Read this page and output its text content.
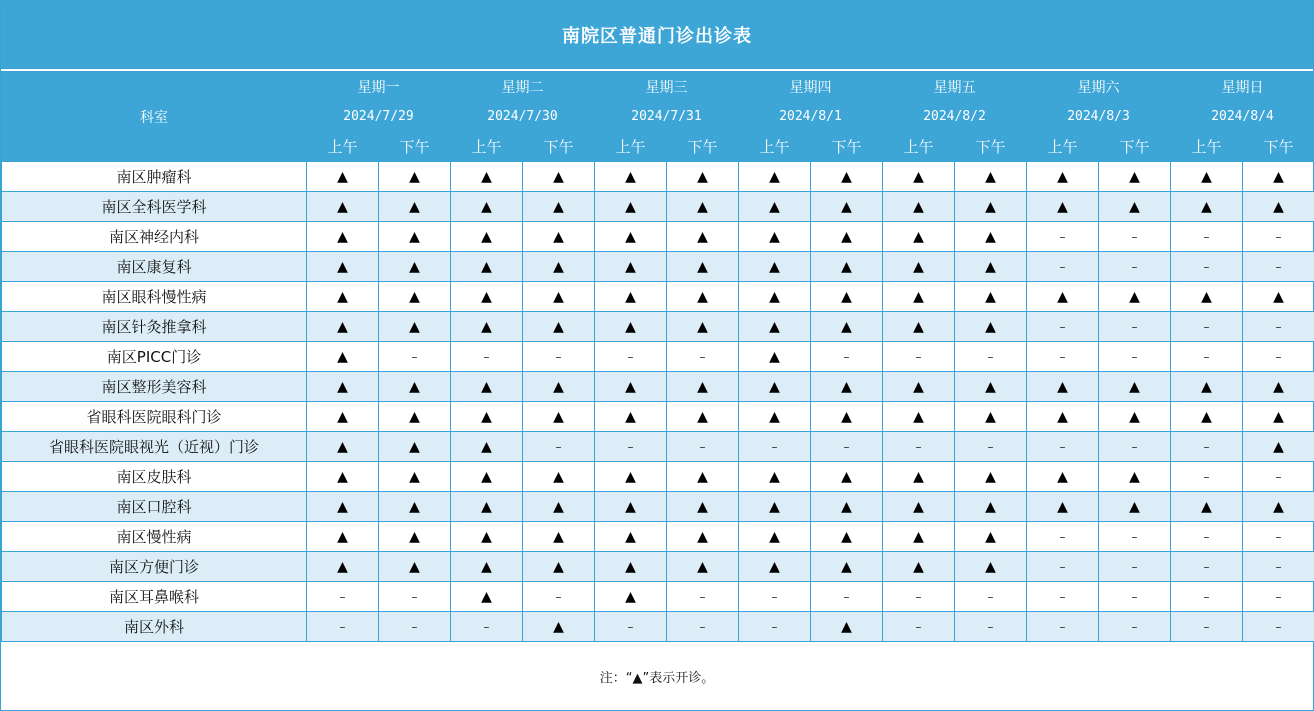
南院区普通门诊出诊表
科室	星期一		星期二		星期三		星期四		星期五		星期六		星期日	
	2024/7/29		2024/7/30		2024/7/31		2024/8/1		2024/8/2		2024/8/3		2024/8/4	
	上午	下午	上午	下午	上午	下午	上午	下午	上午	下午	上午	下午	上午	下午
南区肿瘤科	▲	▲	▲	▲	▲	▲	▲	▲	▲	▲	▲	▲	▲	▲
南区全科医学科	▲	▲	▲	▲	▲	▲	▲	▲	▲	▲	▲	▲	▲	▲
南区神经内科	▲	▲	▲	▲	▲	▲	▲	▲	▲	▲	–	–	–	–
南区康复科	▲	▲	▲	▲	▲	▲	▲	▲	▲	▲	–	–	–	–
南区眼科慢性病	▲	▲	▲	▲	▲	▲	▲	▲	▲	▲	▲	▲	▲	▲
南区针灸推拿科	▲	▲	▲	▲	▲	▲	▲	▲	▲	▲	–	–	–	–
南区PICC门诊	▲	–	–	–	–	–	▲	–	–	–	–	–	–	–
南区整形美容科	▲	▲	▲	▲	▲	▲	▲	▲	▲	▲	▲	▲	▲	▲
省眼科医院眼科门诊	▲	▲	▲	▲	▲	▲	▲	▲	▲	▲	▲	▲	▲	▲
省眼科医院眼视光（近视）门诊	▲	▲	▲	–	–	–	–	–	–	–	–	–	–	▲
南区皮肤科	▲	▲	▲	▲	▲	▲	▲	▲	▲	▲	▲	▲	–	–
南区口腔科	▲	▲	▲	▲	▲	▲	▲	▲	▲	▲	▲	▲	▲	▲
南区慢性病	▲	▲	▲	▲	▲	▲	▲	▲	▲	▲	–	–	–	–
南区方便门诊	▲	▲	▲	▲	▲	▲	▲	▲	▲	▲	–	–	–	–
南区耳鼻喉科	–	–	▲	–	▲	–	–	–	–	–	–	–	–	–
南区外科	–	–	–	▲	–	–	–	▲	–	–	–	–	–	–
注：“▲”表示开诊。
